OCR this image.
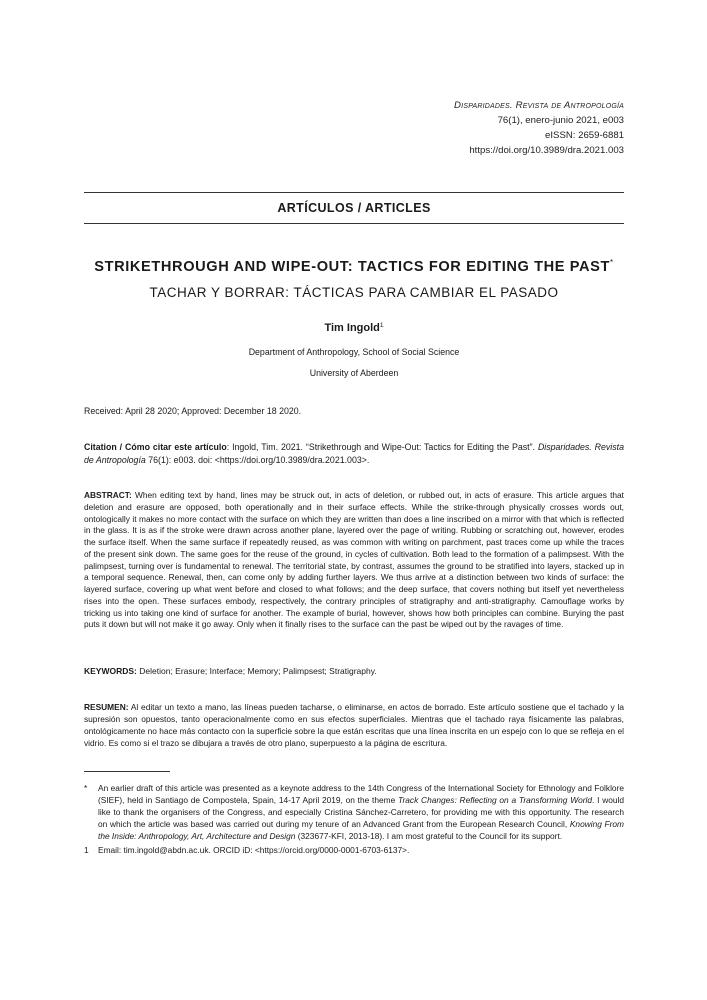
Disparidades. Revista de Antropología
76(1), enero-junio 2021, e003
eISSN: 2659-6881
https://doi.org/10.3989/dra.2021.003
ARTÍCULOS / ARTICLES
STRIKETHROUGH AND WIPE-OUT: TACTICS FOR EDITING THE PAST*
TACHAR Y BORRAR: TÁCTICAS PARA CAMBIAR EL PASADO
Tim Ingold$^1$
Department of Anthropology, School of Social Science
University of Aberdeen
Received: April 28 2020; Approved: December 18 2020.
Citation / Cómo citar este artículo: Ingold, Tim. 2021. “Strikethrough and Wipe-Out: Tactics for Editing the Past”. Disparidades. Revista de Antropología 76(1): e003. doi: <https://doi.org/10.3989/dra.2021.003>.
ABSTRACT: When editing text by hand, lines may be struck out, in acts of deletion, or rubbed out, in acts of erasure. This article argues that deletion and erasure are opposed, both operationally and in their surface effects. While the strike-through physically crosses words out, ontologically it makes no more contact with the surface on which they are written than does a line inscribed on a mirror with that which is reflected in the glass. It is as if the stroke were drawn across another plane, layered over the page of writing. Rubbing or scratching out, however, erodes the surface itself. When the same surface if repeatedly reused, as was common with writing on parchment, past traces come up while the traces of the present sink down. The same goes for the reuse of the ground, in cycles of cultivation. Both lead to the formation of a palimpsest. With the palimpsest, turning over is fundamental to renewal. The territorial state, by contrast, assumes the ground to be stratified into layers, stacked up in a temporal sequence. Renewal, then, can come only by adding further layers. We thus arrive at a distinction between two kinds of surface: the layered surface, covering up what went before and closed to what follows; and the deep surface, that covers nothing but itself yet nevertheless rises into the open. These surfaces embody, respectively, the contrary principles of stratigraphy and anti-stratigraphy. Camouflage works by tricking us into taking one kind of surface for another. The example of burial, however, shows how both principles can combine. Burying the past puts it down but will not make it go away. Only when it finally rises to the surface can the past be wiped out by the ravages of time.
KEYWORDS: Deletion; Erasure; Interface; Memory; Palimpsest; Stratigraphy.
RESUMEN: Al editar un texto a mano, las líneas pueden tacharse, o eliminarse, en actos de borrado. Este artículo sostiene que el tachado y la supresión son opuestos, tanto operacionalmente como en sus efectos superficiales. Mientras que el tachado raya físicamente las palabras, ontológicamente no hace más contacto con la superficie sobre la que están escritas que una línea inscrita en un espejo con lo que se refleja en el vidrio. Es como si el trazo se dibujara a través de otro plano, superpuesto a la página de escritura.
* An earlier draft of this article was presented as a keynote address to the 14th Congress of the International Society for Ethnology and Folklore (SIEF), held in Santiago de Compostela, Spain, 14-17 April 2019, on the theme Track Changes: Reflecting on a Transforming World. I would like to thank the organisers of the Congress, and especially Cristina Sánchez-Carretero, for providing me with this opportunity. The research on which the article was based was carried out during my tenure of an Advanced Grant from the European Research Council, Knowing From the Inside: Anthropology, Art, Architecture and Design (323677-KFI, 2013-18). I am most grateful to the Council for its support.
1 Email: tim.ingold@abdn.ac.uk. ORCID iD: <https://orcid.org/0000-0001-6703-6137>.
